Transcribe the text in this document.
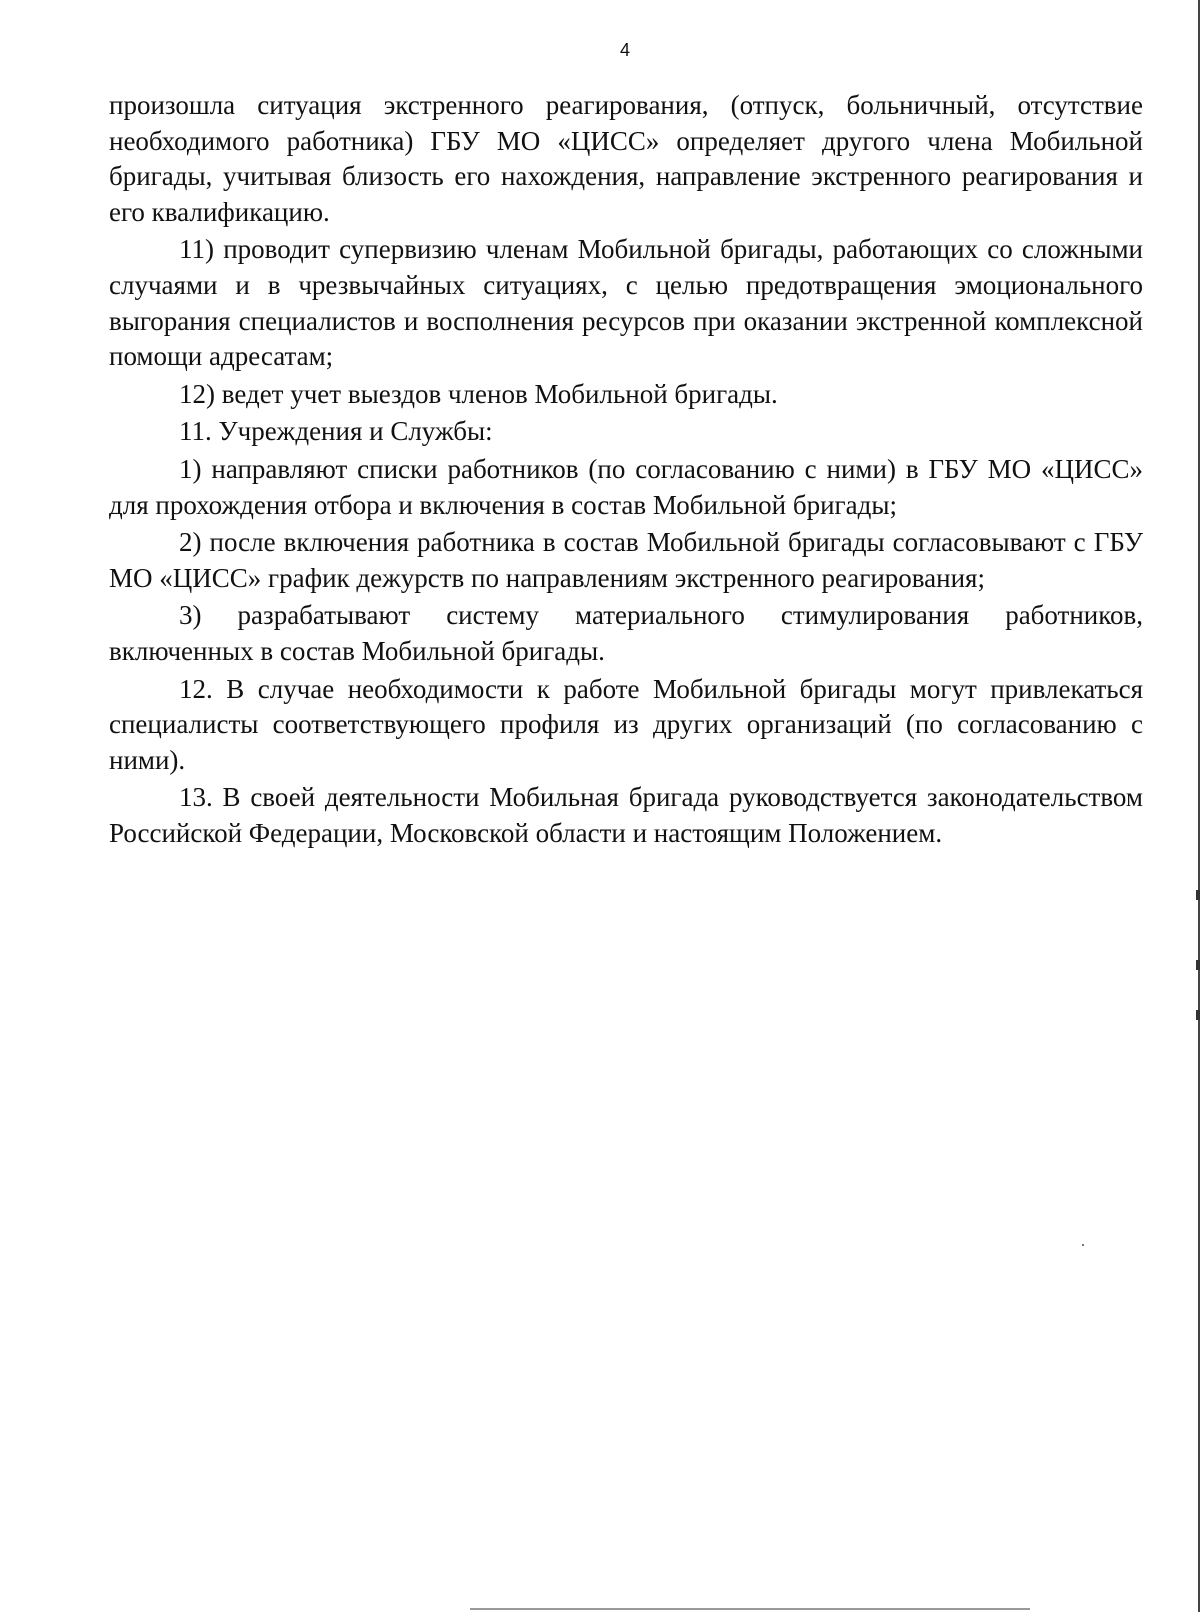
4

произошла ситуация экстренного реагирования, (отпуск, больничный, отсутствие необходимого работника) ГБУ МО «ЦИСС» определяет другого члена Мобильной бригады, учитывая близость его нахождения, направление экстренного реагирования и его квалификацию.

11) проводит супервизию членам Мобильной бригады, работающих со сложными случаями и в чрезвычайных ситуациях, с целью предотвращения эмоционального выгорания специалистов и восполнения ресурсов при оказании экстренной комплексной помощи адресатам;

12) ведет учет выездов членов Мобильной бригады.

11. Учреждения и Службы:

1) направляют списки работников (по согласованию с ними) в ГБУ МО «ЦИСС» для прохождения отбора и включения в состав Мобильной бригады;

2) после включения работника в состав Мобильной бригады согласовывают с ГБУ МО «ЦИСС» график дежурств по направлениям экстренного реагирования;

3) разрабатывают систему материального стимулирования работников, включенных в состав Мобильной бригады.

12. В случае необходимости к работе Мобильной бригады могут привлекаться специалисты соответствующего профиля из других организаций (по согласованию с ними).

13. В своей деятельности Мобильная бригада руководствуется законодательством Российской Федерации, Московской области и настоящим Положением.
